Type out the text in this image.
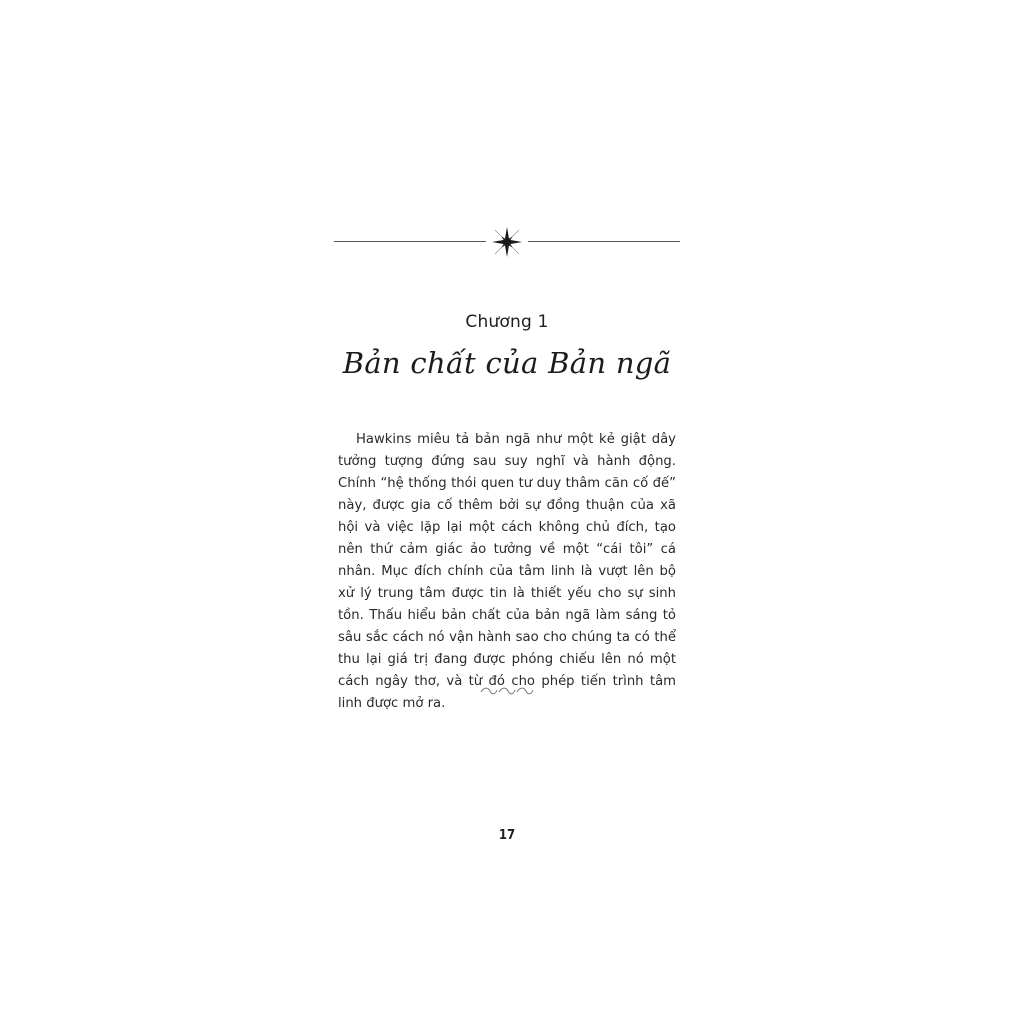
Chương 1
Bản chất của Bản ngã

Hawkins miêu tả bản ngã như một kẻ giật dây tưởng tượng đứng sau suy nghĩ và hành động. Chính “hệ thống thói quen tư duy thâm căn cố đế” này, được gia cố thêm bởi sự đồng thuận của xã hội và việc lặp lại một cách không chủ đích, tạo nên thứ cảm giác ảo tưởng về một “cái tôi” cá nhân. Mục đích chính của tâm linh là vượt lên bộ xử lý trung tâm được tin là thiết yếu cho sự sinh tồn. Thấu hiểu bản chất của bản ngã làm sáng tỏ sâu sắc cách nó vận hành sao cho chúng ta có thể thu lại giá trị đang được phóng chiếu lên nó một cách ngây thơ, và từ đó cho phép tiến trình tâm linh được mở ra.

17
